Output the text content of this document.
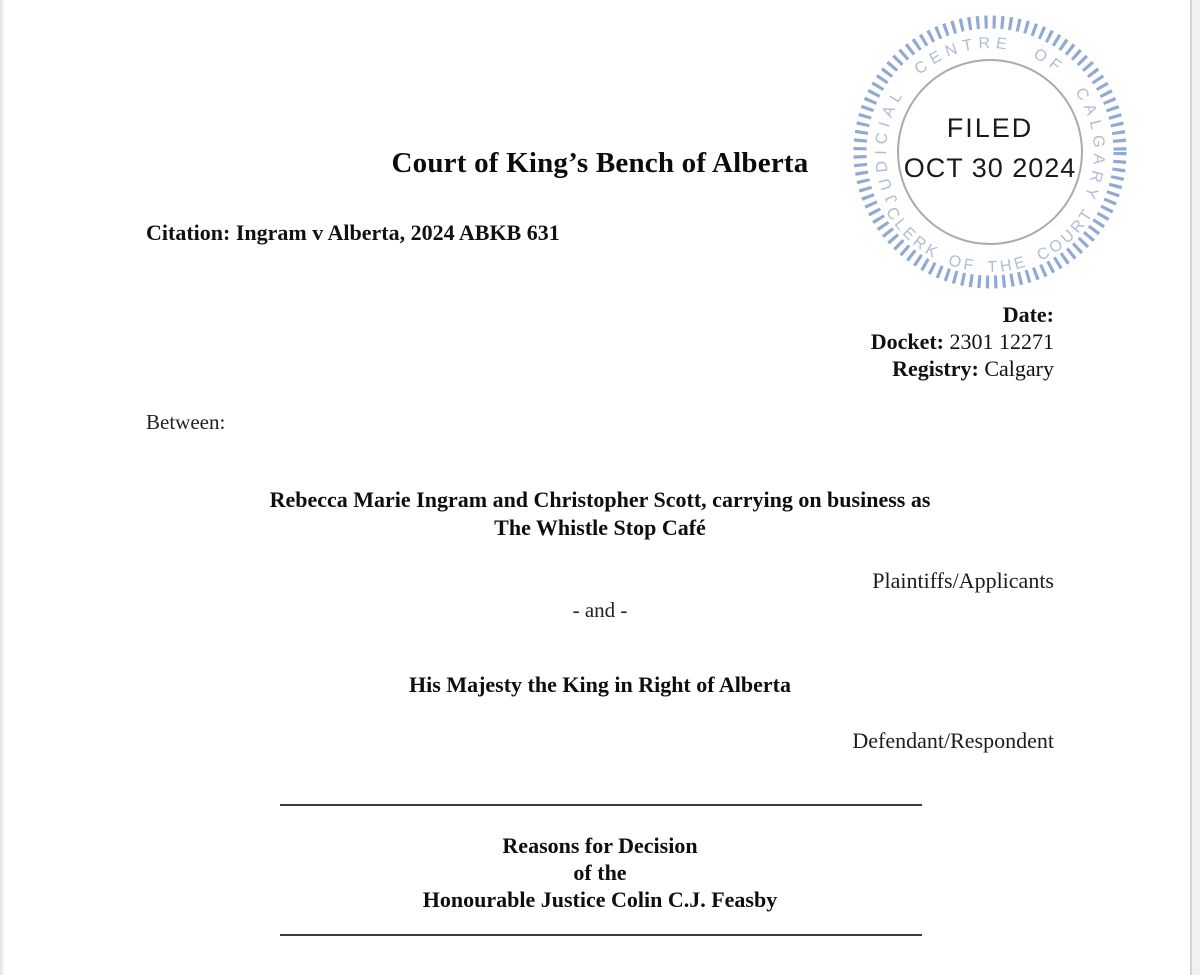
JUDICIAL CENTRE OF CALGARY
CLERK OF THE COURT
FILED
OCT 30 2024
Court of King’s Bench of Alberta
Citation: Ingram v Alberta, 2024 ABKB 631
Date:
Docket: 2301 12271
Registry: Calgary
Between:
Rebecca Marie Ingram and Christopher Scott, carrying on business as
The Whistle Stop Café
Plaintiffs/Applicants
- and -
His Majesty the King in Right of Alberta
Defendant/Respondent
Reasons for Decision
of the
Honourable Justice Colin C.J. Feasby
